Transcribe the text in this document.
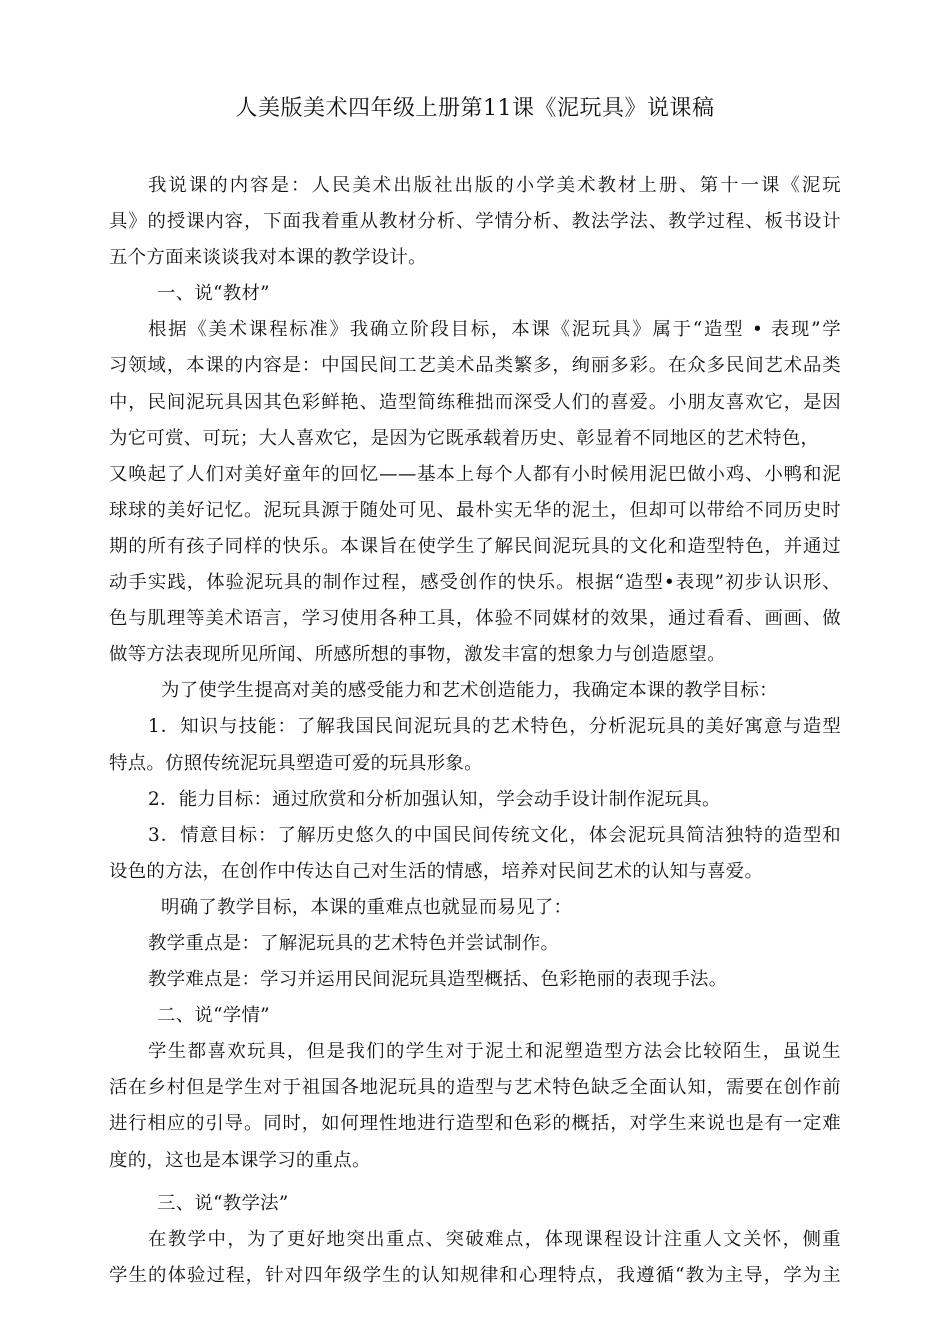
人美版美术四年级上册第11课《泥玩具》说课稿
我说课的内容是：人民美术出版社出版的小学美术教材上册、第十一课《泥玩
具》的授课内容，下面我着重从教材分析、学情分析、教法学法、教学过程、板书设计
五个方面来谈谈我对本课的教学设计。
一、说“教材”
根据《美术课程标准》我确立阶段目标，本课《泥玩具》属于“造型 • 表现”学
习领域，本课的内容是：中国民间工艺美术品类繁多，绚丽多彩。在众多民间艺术品类
中，民间泥玩具因其色彩鲜艳、造型简练稚拙而深受人们的喜爱。小朋友喜欢它，是因
为它可赏、可玩；大人喜欢它，是因为它既承载着历史、彰显着不同地区的艺术特色，
又唤起了人们对美好童年的回忆——基本上每个人都有小时候用泥巴做小鸡、小鸭和泥
球球的美好记忆。泥玩具源于随处可见、最朴实无华的泥土，但却可以带给不同历史时
期的所有孩子同样的快乐。本课旨在使学生了解民间泥玩具的文化和造型特色，并通过
动手实践，体验泥玩具的制作过程，感受创作的快乐。根据“造型•表现”初步认识形、
色与肌理等美术语言，学习使用各种工具，体验不同媒材的效果，通过看看、画画、做
做等方法表现所见所闻、所感所想的事物，激发丰富的想象力与创造愿望。
为了使学生提高对美的感受能力和艺术创造能力，我确定本课的教学目标：
1．知识与技能：了解我国民间泥玩具的艺术特色，分析泥玩具的美好寓意与造型
特点。仿照传统泥玩具塑造可爱的玩具形象。
2．能力目标：通过欣赏和分析加强认知，学会动手设计制作泥玩具。
3．情意目标：了解历史悠久的中国民间传统文化，体会泥玩具简洁独特的造型和
设色的方法，在创作中传达自己对生活的情感，培养对民间艺术的认知与喜爱。
明确了教学目标，本课的重难点也就显而易见了：
教学重点是：了解泥玩具的艺术特色并尝试制作。
教学难点是：学习并运用民间泥玩具造型概括、色彩艳丽的表现手法。
二、说“学情”
学生都喜欢玩具，但是我们的学生对于泥土和泥塑造型方法会比较陌生，虽说生
活在乡村但是学生对于祖国各地泥玩具的造型与艺术特色缺乏全面认知，需要在创作前
进行相应的引导。同时，如何理性地进行造型和色彩的概括，对学生来说也是有一定难
度的，这也是本课学习的重点。
三、说“教学法”
在教学中，为了更好地突出重点、突破难点，体现课程设计注重人文关怀，侧重
学生的体验过程，针对四年级学生的认知规律和心理特点，我遵循“教为主导，学为主
